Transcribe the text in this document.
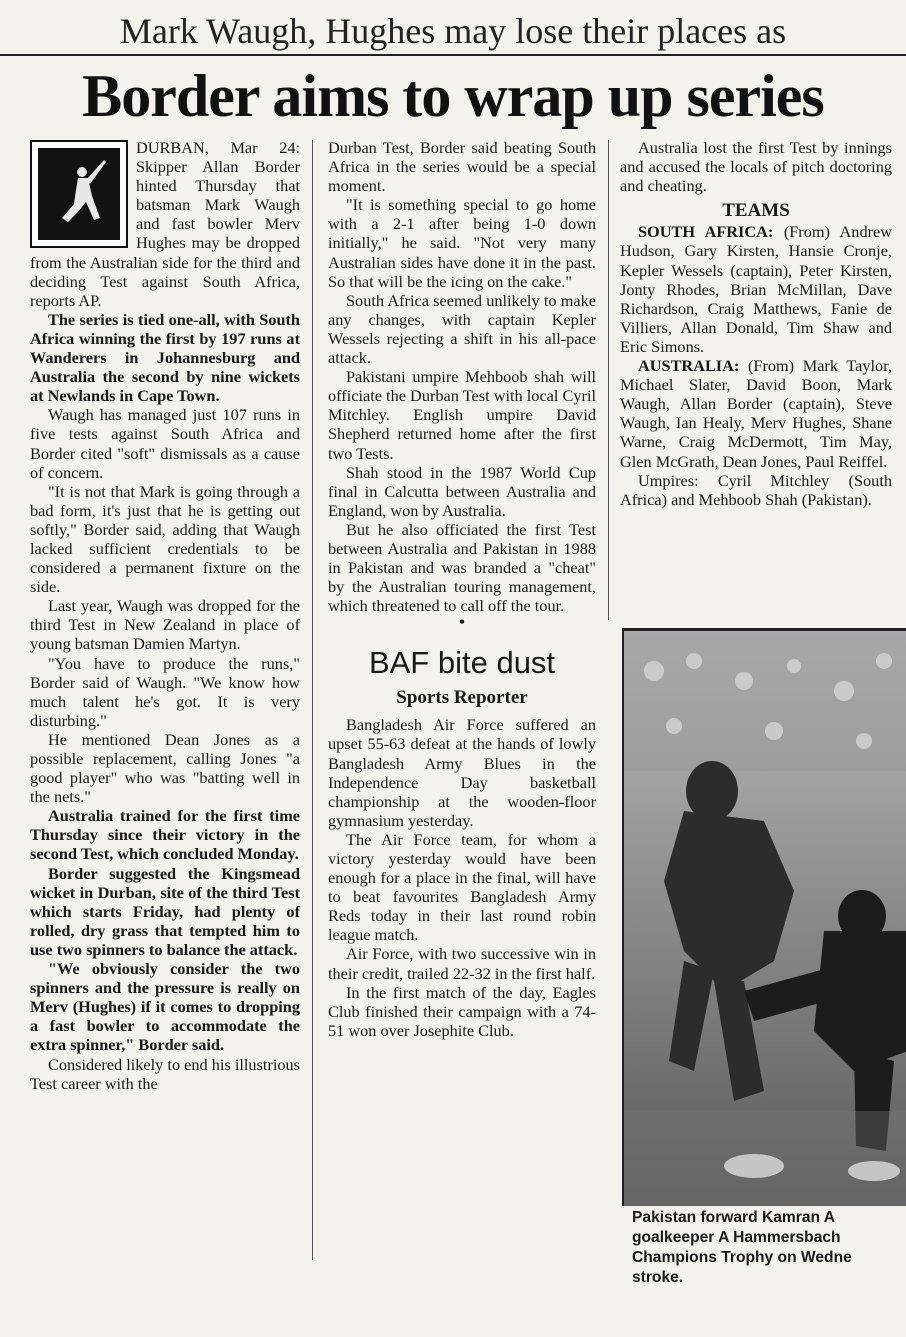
Mark Waugh, Hughes may lose their places as
Border aims to wrap up series

DURBAN, Mar 24: Skipper Allan Border hinted Thursday that batsman Mark Waugh and fast bowler Merv Hughes may be dropped from the Australian side for the third and deciding Test against South Africa, reports AP.

The series is tied one-all, with South Africa winning the first by 197 runs at Wanderers in Johannesburg and Australia the second by nine wickets at Newlands in Cape Town.

Waugh has managed just 107 runs in five tests against South Africa and Border cited "soft" dismissals as a cause of concern.

"It is not that Mark is going through a bad form, it's just that he is getting out softly," Border said, adding that Waugh lacked sufficient credentials to be considered a permanent fixture on the side.

Last year, Waugh was dropped for the third Test in New Zealand in place of young batsman Damien Martyn.

"You have to produce the runs," Border said of Waugh. "We know how much talent he's got. It is very disturbing."

He mentioned Dean Jones as a possible replacement, calling Jones "a good player" who was "batting well in the nets."

Australia trained for the first time Thursday since their victory in the second Test, which concluded Monday.

Border suggested the Kingsmead wicket in Durban, site of the third Test which starts Friday, had plenty of rolled, dry grass that tempted him to use two spinners to balance the attack.

"We obviously consider the two spinners and the pressure is really on Merv (Hughes) if it comes to dropping a fast bowler to accommodate the extra spinner," Border said.

Considered likely to end his illustrious Test career with the

Durban Test, Border said beating South Africa in the series would be a special moment.

"It is something special to go home with a 2-1 after being 1-0 down initially," he said. "Not very many Australian sides have done it in the past. So that will be the icing on the cake."

South Africa seemed unlikely to make any changes, with captain Kepler Wessels rejecting a shift in his all-pace attack.

Pakistani umpire Mehboob shah will officiate the Durban Test with local Cyril Mitchley. English umpire David Shepherd returned home after the first two Tests.

Shah stood in the 1987 World Cup final in Calcutta between Australia and England, won by Australia.

But he also officiated the first Test between Australia and Pakistan in 1988 in Pakistan and was branded a "cheat" by the Australian touring management, which threatened to call off the tour.

•
BAF bite dust
Sports Reporter

Bangladesh Air Force suffered an upset 55-63 defeat at the hands of lowly Bangladesh Army Blues in the Independence Day basketball championship at the wooden-floor gymnasium yesterday.

The Air Force team, for whom a victory yesterday would have been enough for a place in the final, will have to beat favourites Bangladesh Army Reds today in their last round robin league match.

Air Force, with two successive win in their credit, trailed 22-32 in the first half.

In the first match of the day, Eagles Club finished their campaign with a 74-51 won over Josephite Club.

Australia lost the first Test by innings and accused the locals of pitch doctoring and cheating.

TEAMS

SOUTH AFRICA: (From) Andrew Hudson, Gary Kirsten, Hansie Cronje, Kepler Wessels (captain), Peter Kirsten, Jonty Rhodes, Brian McMillan, Dave Richardson, Craig Matthews, Fanie de Villiers, Allan Donald, Tim Shaw and Eric Simons.

AUSTRALIA: (From) Mark Taylor, Michael Slater, David Boon, Mark Waugh, Allan Border (captain), Steve Waugh, Ian Healy, Merv Hughes, Shane Warne, Craig McDermott, Tim May, Glen McGrath, Dean Jones, Paul Reiffel.

Umpires: Cyril Mitchley (South Africa) and Mehboob Shah (Pakistan).

Pakistan forward Kamran A
goalkeeper A Hammersbach
Champions Trophy on Wedne
stroke.
